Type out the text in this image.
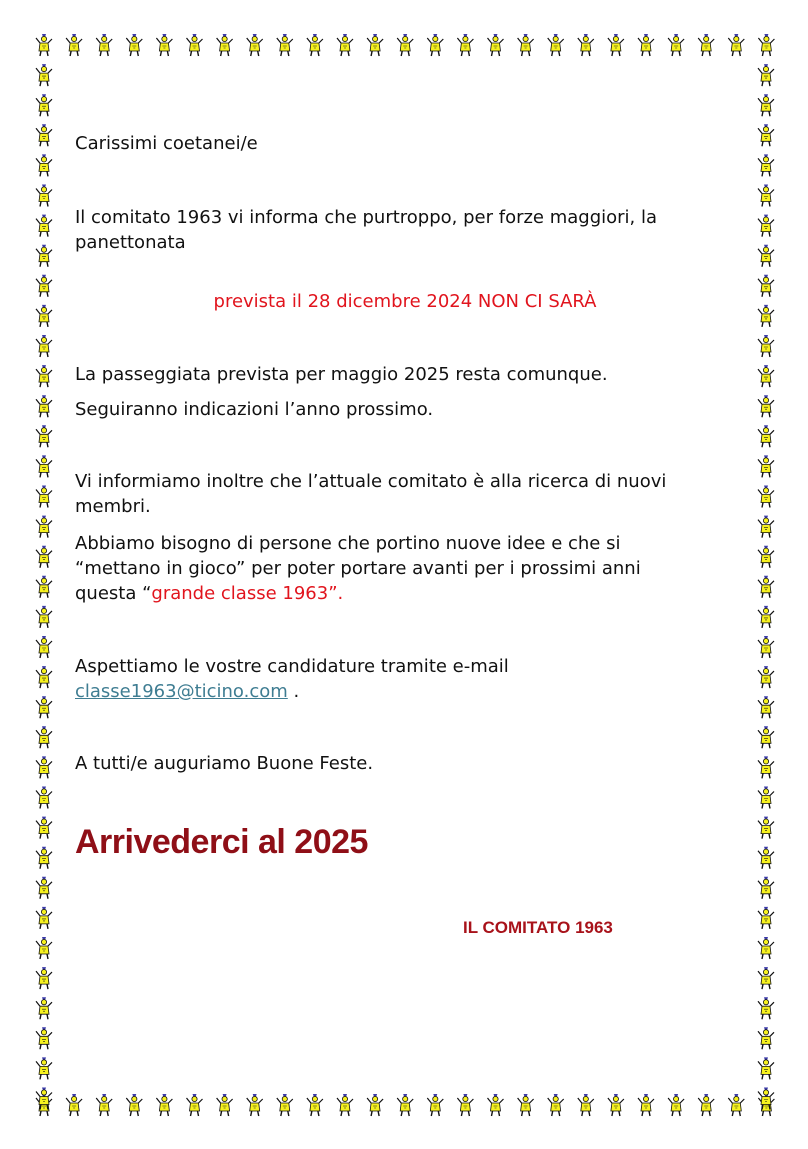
Carissimi coetanei/e
Il comitato 1963 vi informa che purtroppo, per forze maggiori, la
panettonata
prevista il 28 dicembre 2024 NON CI SARÀ
La passeggiata prevista per maggio 2025 resta comunque.
Seguiranno indicazioni l’anno prossimo.
Vi informiamo inoltre che l’attuale comitato è alla ricerca di nuovi
membri.
Abbiamo bisogno di persone che portino nuove idee e che si
“mettano in gioco” per poter portare avanti per i prossimi anni
questa “grande classe 1963”.
Aspettiamo le vostre candidature tramite e-mail
classe1963@ticino.com .
A tutti/e auguriamo Buone Feste.
Arrivederci al 2025
IL COMITATO 1963
